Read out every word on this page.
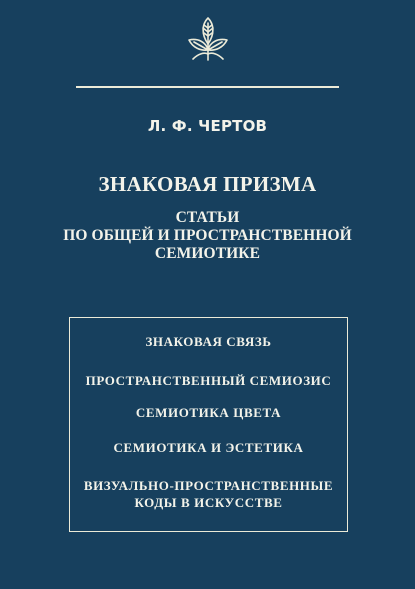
Л. Ф. ЧЕРТОВ
ЗНАКОВАЯ ПРИЗМА
СТАТЬИ
ПО ОБЩЕЙ И ПРОСТРАНСТВЕННОЙ
СЕМИОТИКЕ
ЗНАКОВАЯ СВЯЗЬ
ПРОСТРАНСТВЕННЫЙ СЕМИОЗИС
СЕМИОТИКА ЦВЕТА
СЕМИОТИКА И ЭСТЕТИКА
ВИЗУАЛЬНО-ПРОСТРАНСТВЕННЫЕ
КОДЫ В ИСКУССТВЕ
